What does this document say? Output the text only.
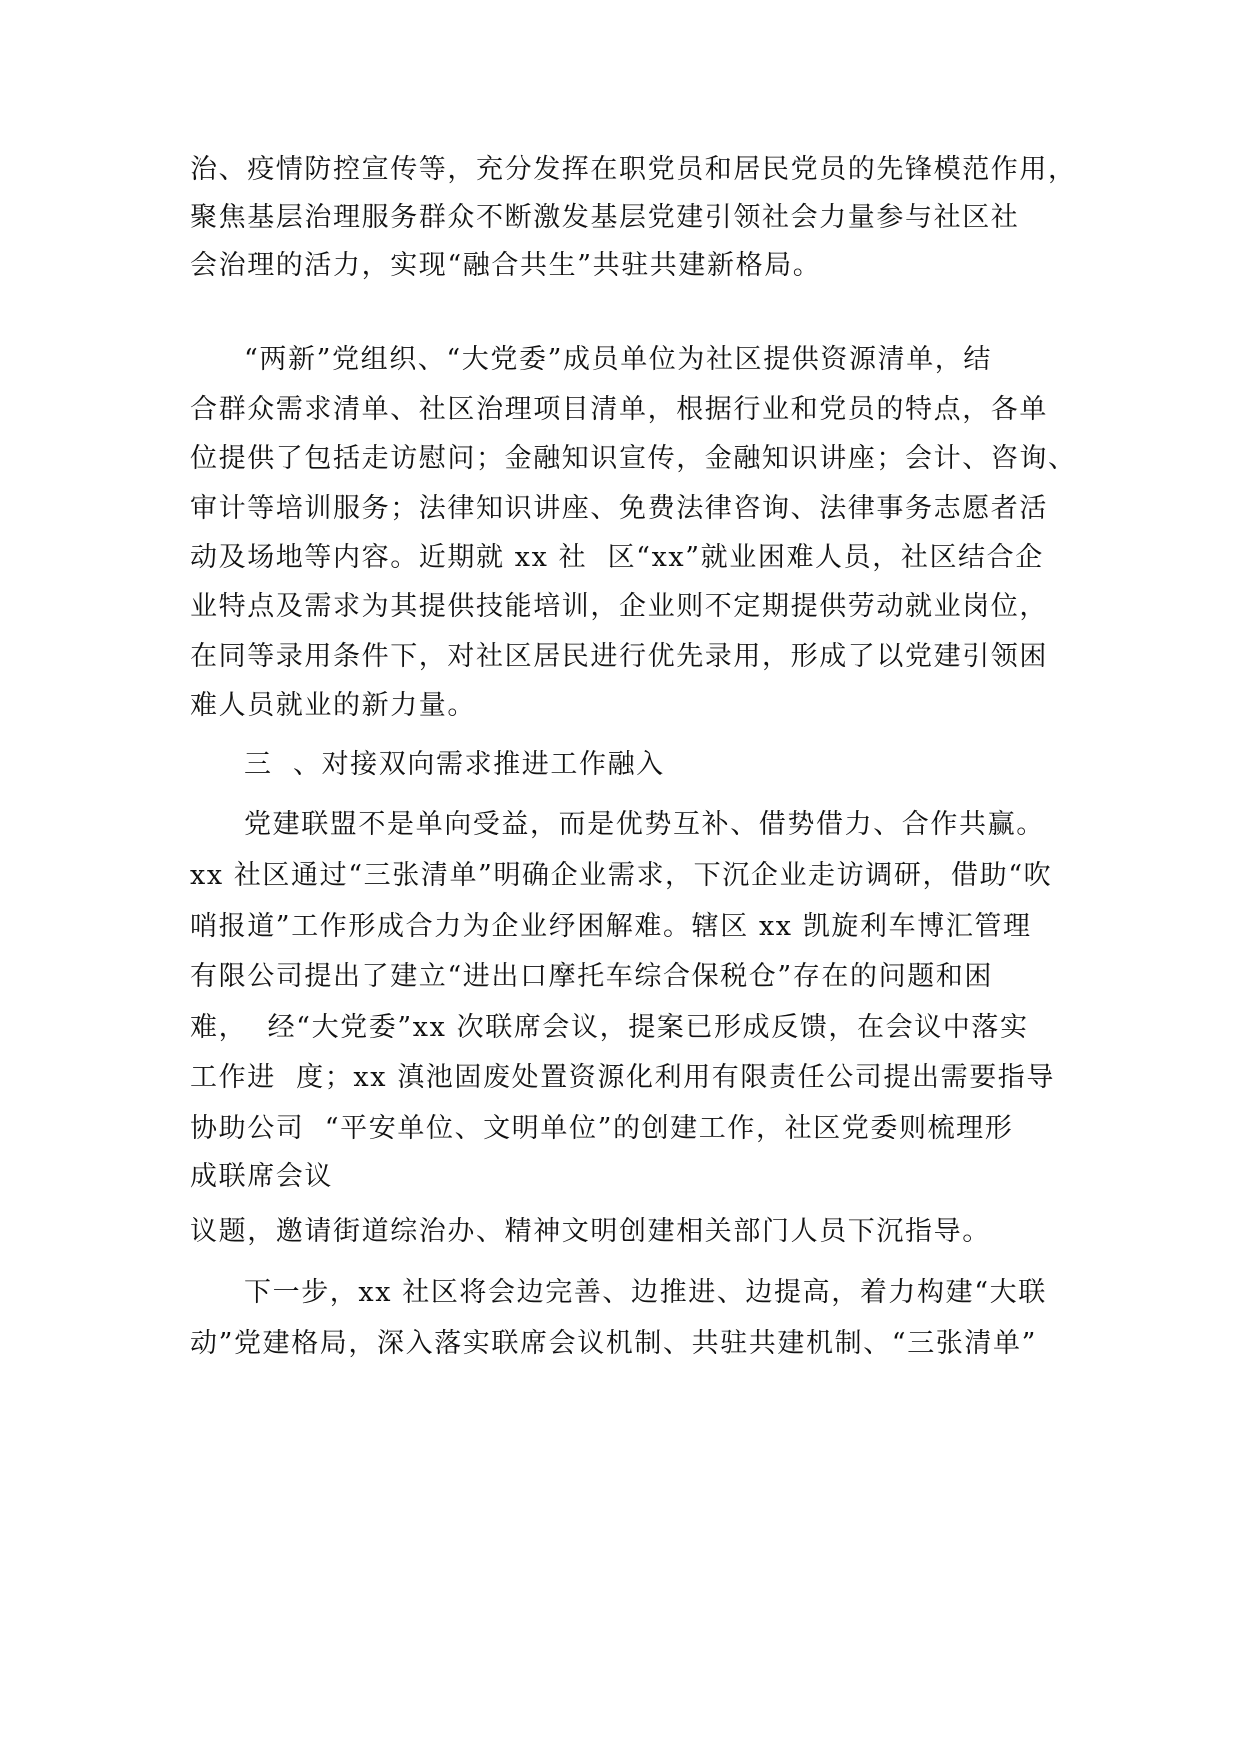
治、疫情防控宣传等，充分发挥在职党员和居民党员的先锋模范作用，
聚焦基层治理服务群众不断激发基层党建引领社会力量参与社区社
会治理的活力，实现“融合共生”共驻共建新格局。
“两新”党组织、“大党委”成员单位为社区提供资源清单，结
合群众需求清单、社区治理项目清单，根据行业和党员的特点，各单
位提供了包括走访慰问；金融知识宣传，金融知识讲座；会计、咨询、
审计等培训服务；法律知识讲座、免费法律咨询、法律事务志愿者活
动及场地等内容。近期就 xx 社  区“xx”就业困难人员，社区结合企
业特点及需求为其提供技能培训，企业则不定期提供劳动就业岗位，
在同等录用条件下，对社区居民进行优先录用，形成了以党建引领困
难人员就业的新力量。
三  、对接双向需求推进工作融入
党建联盟不是单向受益，而是优势互补、借势借力、合作共赢。
xx 社区通过“三张清单”明确企业需求，下沉企业走访调研，借助“吹
哨报道”工作形成合力为企业纾困解难。辖区 xx 凯旋利车博汇管理
有限公司提出了建立“进出口摩托车综合保税仓”存在的问题和困
难，  经“大党委”xx 次联席会议，提案已形成反馈，在会议中落实
工作进  度；xx 滇池固废处置资源化利用有限责任公司提出需要指导
协助公司  “平安单位、文明单位”的创建工作，社区党委则梳理形
成联席会议
议题，邀请街道综治办、精神文明创建相关部门人员下沉指导。
下一步，xx 社区将会边完善、边推进、边提高，着力构建“大联
动”党建格局，深入落实联席会议机制、共驻共建机制、“三张清单”
